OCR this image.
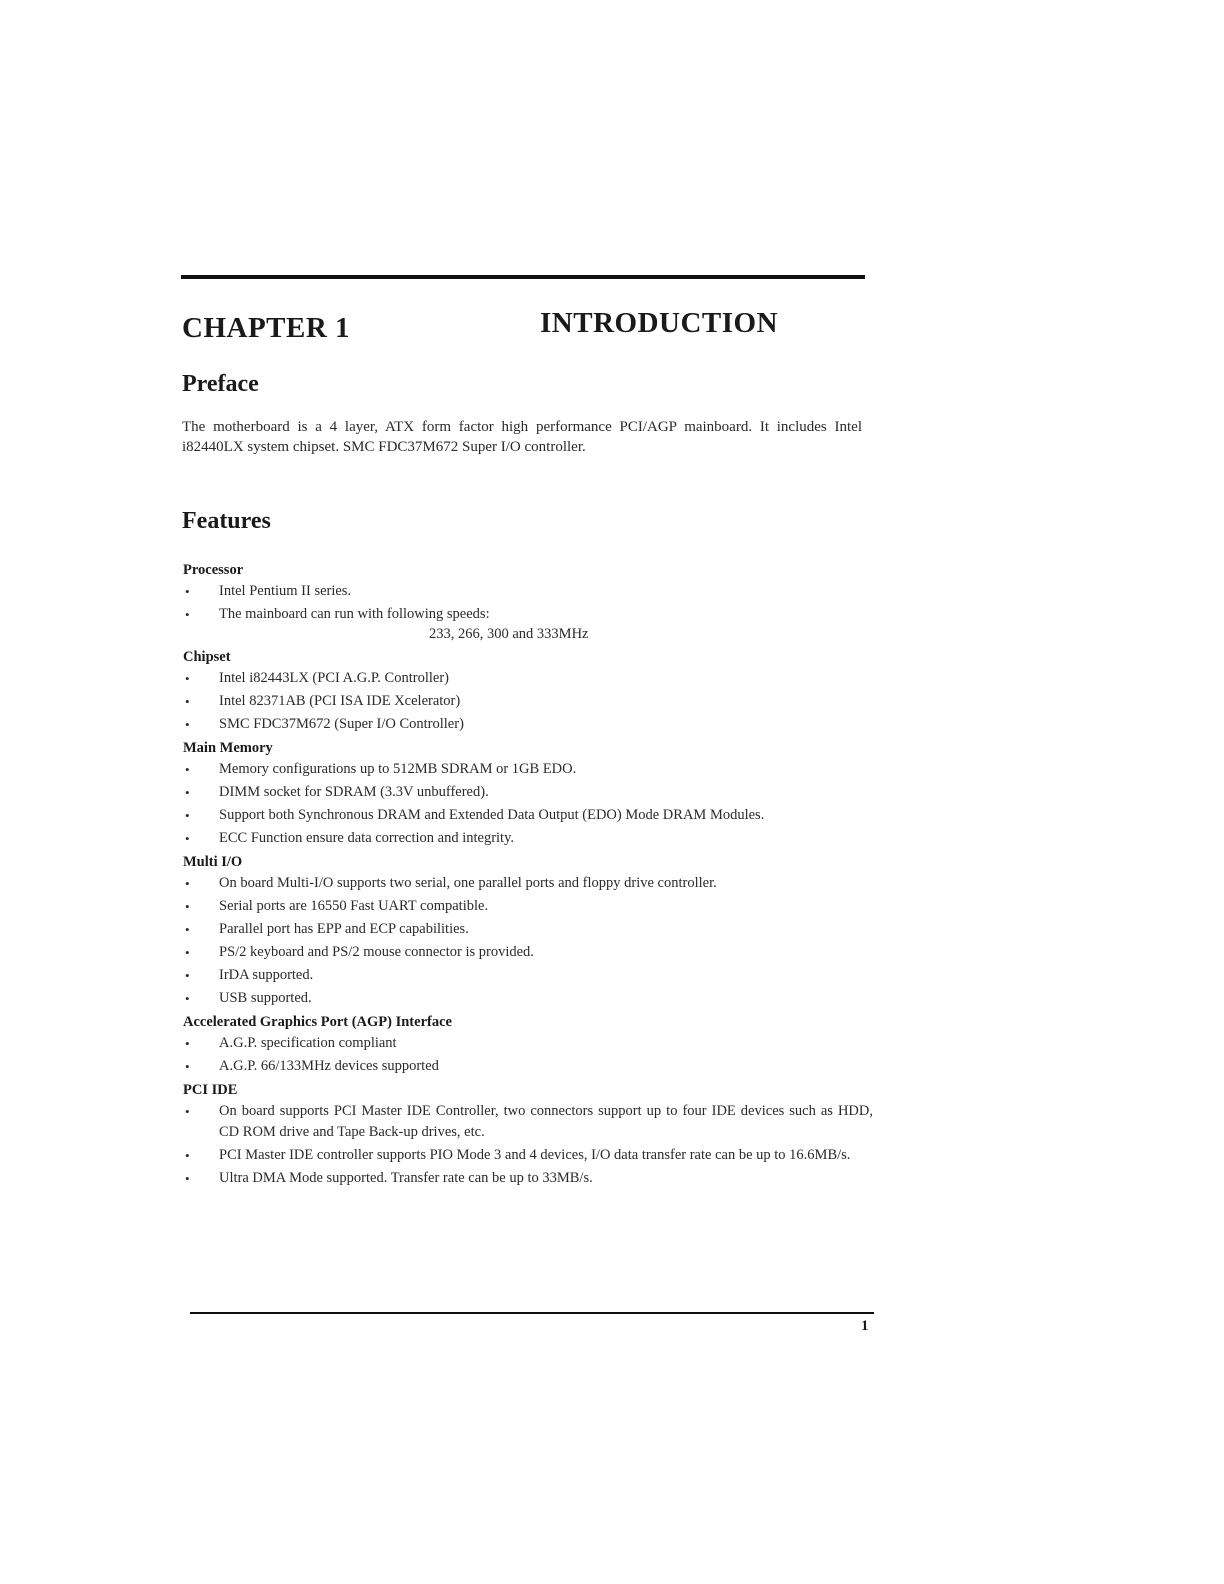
CHAPTER 1	INTRODUCTION
Preface

The motherboard is a 4 layer, ATX form factor high performance PCI/AGP mainboard. It includes Intel i82440LX system chipset. SMC FDC37M672 Super I/O controller.

Features
Processor
• Intel Pentium II series.
• The mainboard can run with following speeds:
233, 266, 300 and 333MHz
Chipset
• Intel i82443LX (PCI A.G.P. Controller)
• Intel 82371AB (PCI ISA IDE Xcelerator)
• SMC FDC37M672 (Super I/O Controller)
Main Memory
• Memory configurations up to 512MB SDRAM or 1GB EDO.
• DIMM socket for SDRAM (3.3V unbuffered).
• Support both Synchronous DRAM and Extended Data Output (EDO) Mode DRAM Modules.
• ECC Function ensure data correction and integrity.
Multi I/O
• On board Multi-I/O supports two serial, one parallel ports and floppy drive controller.
• Serial ports are 16550 Fast UART compatible.
• Parallel port has EPP and ECP capabilities.
• PS/2 keyboard and PS/2 mouse connector is provided.
• IrDA supported.
• USB supported.
Accelerated Graphics Port (AGP) Interface
• A.G.P. specification compliant
• A.G.P. 66/133MHz devices supported
PCI IDE
• On board supports PCI Master IDE Controller, two connectors support up to four IDE devices such as HDD, CD ROM drive and Tape Back-up drives, etc.
• PCI Master IDE controller supports PIO Mode 3 and 4 devices, I/O data transfer rate can be up to 16.6MB/s.
• Ultra DMA Mode supported. Transfer rate can be up to 33MB/s.
1
